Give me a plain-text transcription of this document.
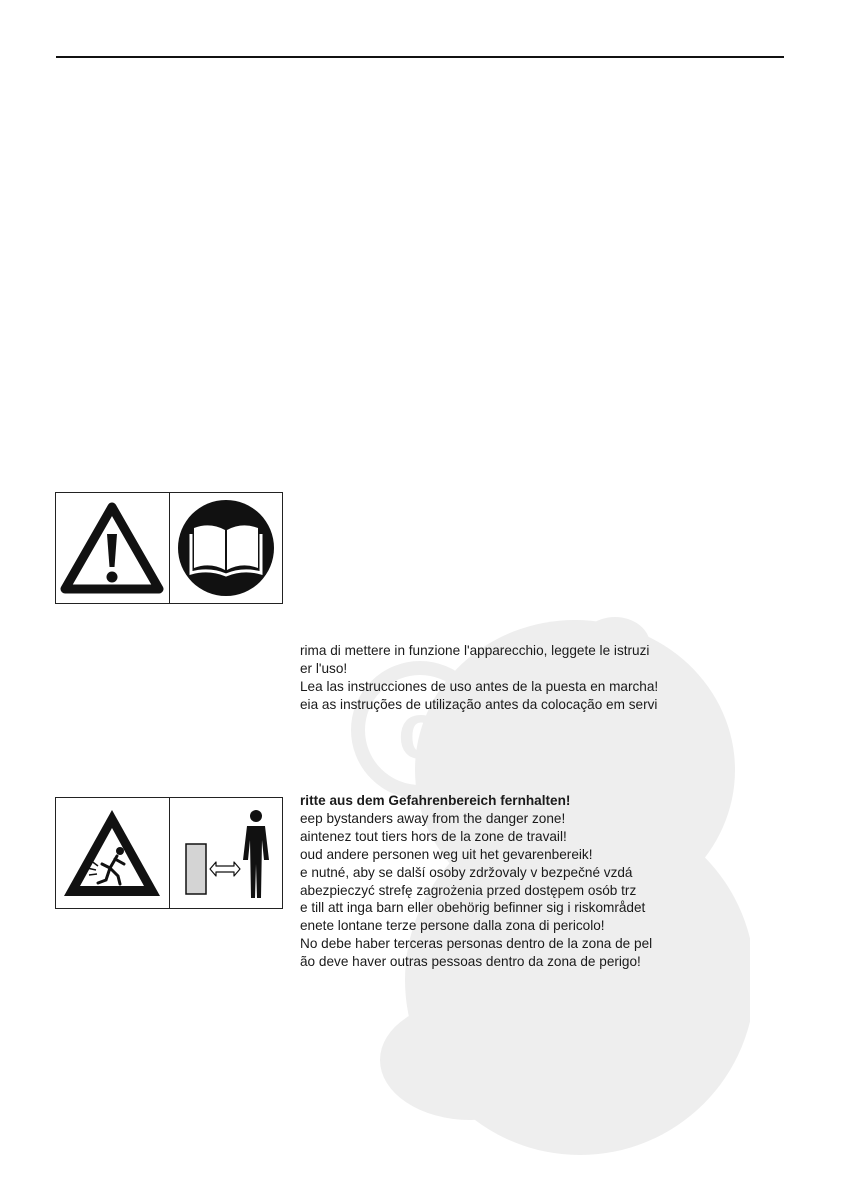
c
rima di mettere in funzione l'apparecchio, leggete le istruzi
er l'uso!
Lea las instrucciones de uso antes de la puesta en marcha!
eia as instruções de utilização antes da colocação em servi
ritte aus dem Gefahrenbereich fernhalten!
eep bystanders away from the danger zone!
aintenez tout tiers hors de la zone de travail!
oud andere personen weg uit het gevarenbereik!
e nutné, aby se další osoby zdržovaly v bezpečné vzdá
abezpieczyć strefę zagrożenia przed dostępem osób trz
e till att inga barn eller obehörig befinner sig i riskområdet
enete lontane terze persone dalla zona di pericolo!
No debe haber terceras personas dentro de la zona de pel
ão deve haver outras pessoas dentro da zona de perigo!
